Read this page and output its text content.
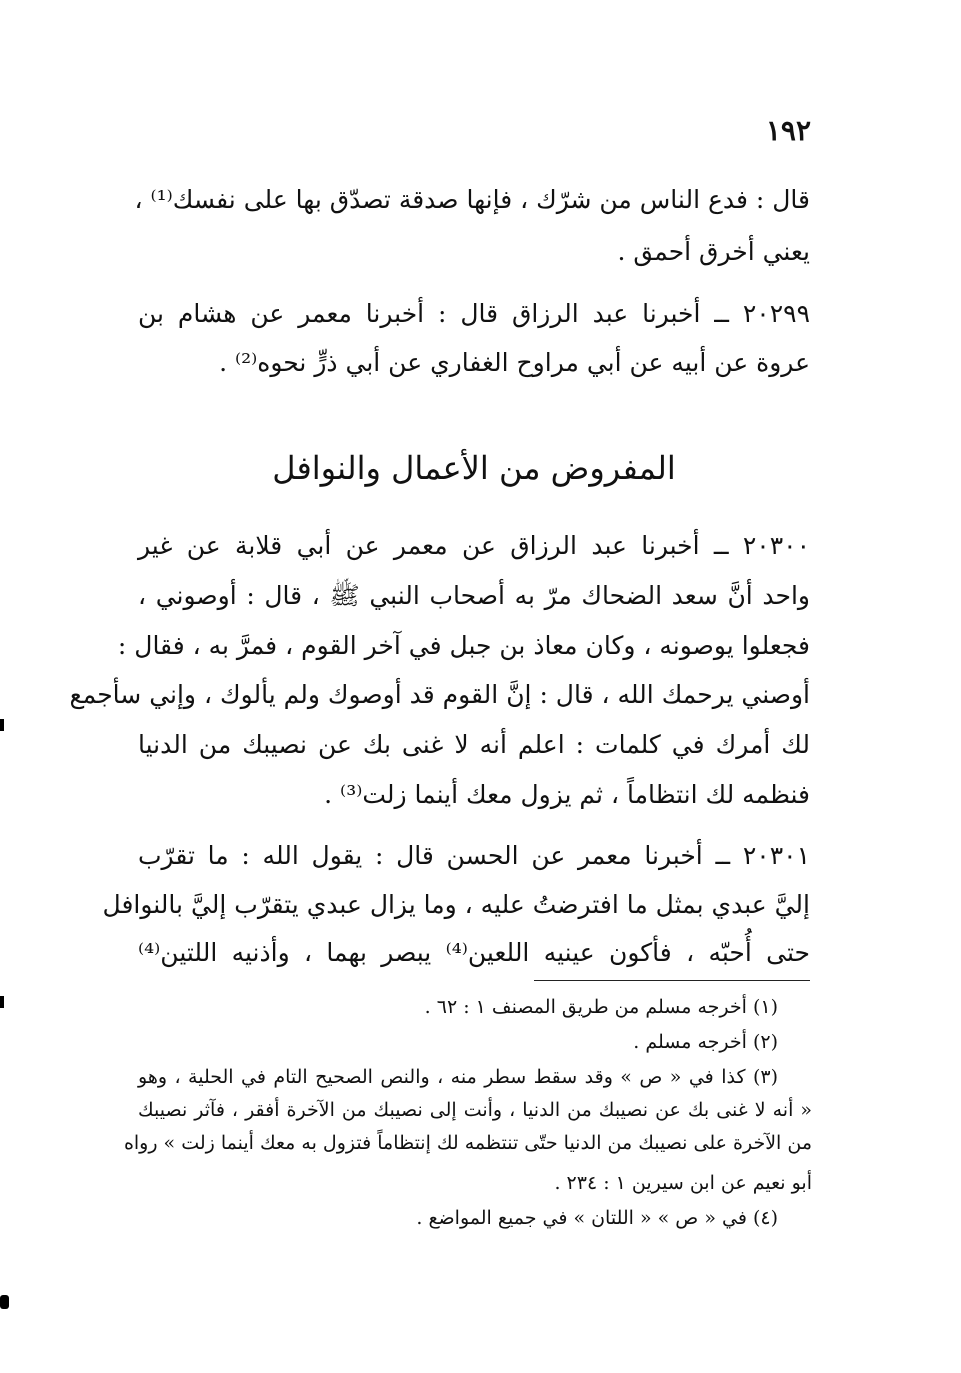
١٩٢
قال : فدع الناس من شرّك ، فإنها صدقة تصدّق بها على نفسك⁽¹⁾ ،
يعني أخرق أحمق .
٢٠٢٩٩ ــ أخبرنا عبد الرزاق قال : أخبرنا معمر عن هشام بن
عروة عن أبيه عن أبي مراوح الغفاري عن أبي ذرٍّ نحوه⁽²⁾ .
المفروض من الأعمال والنوافل
٢٠٣٠٠ ــ أخبرنا عبد الرزاق عن معمر عن أبي قلابة عن غير
واحد أنَّ سعد الضحاك مرّ به أصحاب النبي ﷺ ، قال : أوصوني ،
فجعلوا يوصونه ، وكان معاذ بن جبل في آخر القوم ، فمرَّ به ، فقال :
أوصني يرحمك الله ، قال : إنَّ القوم قد أوصوك ولم يألوك ، وإني سأجمع
لك أمرك في كلمات : اعلم أنه لا غنى بك عن نصيبك من الدنيا
فنظمه لك انتظاماً ، ثم يزول معك أينما زلت⁽³⁾ .
٢٠٣٠١ ــ أخبرنا معمر عن الحسن قال : يقول الله : ما تقرّب
إليَّ عبدي بمثل ما افترضتُ عليه ، وما يزال عبدي يتقرّب إليَّ بالنوافل
حتى أُحبّه ، فأكون عينيه اللعين⁽⁴⁾ يبصر بهما ، وأذنيه اللتين⁽⁴⁾
(١) أخرجه مسلم من طريق المصنف ١ : ٦٢ .
(٢) أخرجه مسلم .
(٣) كذا في « ص » وقد سقط سطر منه ، والنص الصحيح التام في الحلية ، وهو
« أنه لا غنى بك عن نصيبك من الدنيا ، وأنت إلى نصيبك من الآخرة أفقر ، فآثر نصيبك
من الآخرة على نصيبك من الدنيا حتّى تنتظمه لك إنتظاماً فتزول به معك أينما زلت » رواه
أبو نعيم عن ابن سيرين ١ : ٢٣٤ .
(٤) في « ص » « اللتان » في جميع المواضع .
